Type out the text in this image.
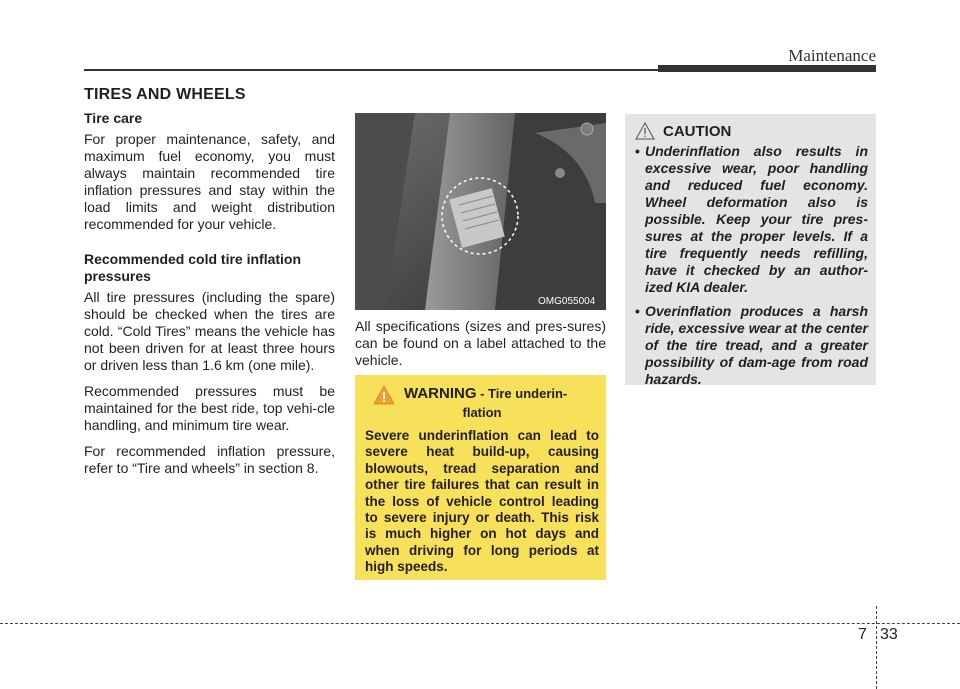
Maintenance
TIRES AND WHEELS
Tire care

For proper maintenance, safety, and maximum fuel economy, you must always maintain recommended tire inflation pressures and stay within the load limits and weight distribution recommended for your vehicle.

Recommended cold tire inflation pressures

All tire pressures (including the spare) should be checked when the tires are cold. “Cold Tires” means the vehicle has not been driven for at least three hours or driven less than 1.6 km (one mile).

Recommended pressures must be maintained for the best ride, top vehi-cle handling, and minimum tire wear.

For recommended inflation pressure, refer to “Tire and wheels” in section 8.

OMG055004

All specifications (sizes and pres-sures) can be found on a label attached to the vehicle.

WARNING - Tire underin-
flation

Severe underinflation can lead to severe heat build-up, causing blowouts, tread separation and other tire failures that can result in the loss of vehicle control leading to severe injury or death. This risk is much higher on hot days and when driving for long periods at high speeds.

CAUTION
• Underinflation also results in excessive wear, poor handling and reduced fuel economy. Wheel deformation also is possible. Keep your tire pres-sures at the proper levels. If a tire frequently needs refilling, have it checked by an author-ized KIA dealer.
• Overinflation produces a harsh ride, excessive wear at the center of the tire tread, and a greater possibility of dam-age from road hazards.
7 33
